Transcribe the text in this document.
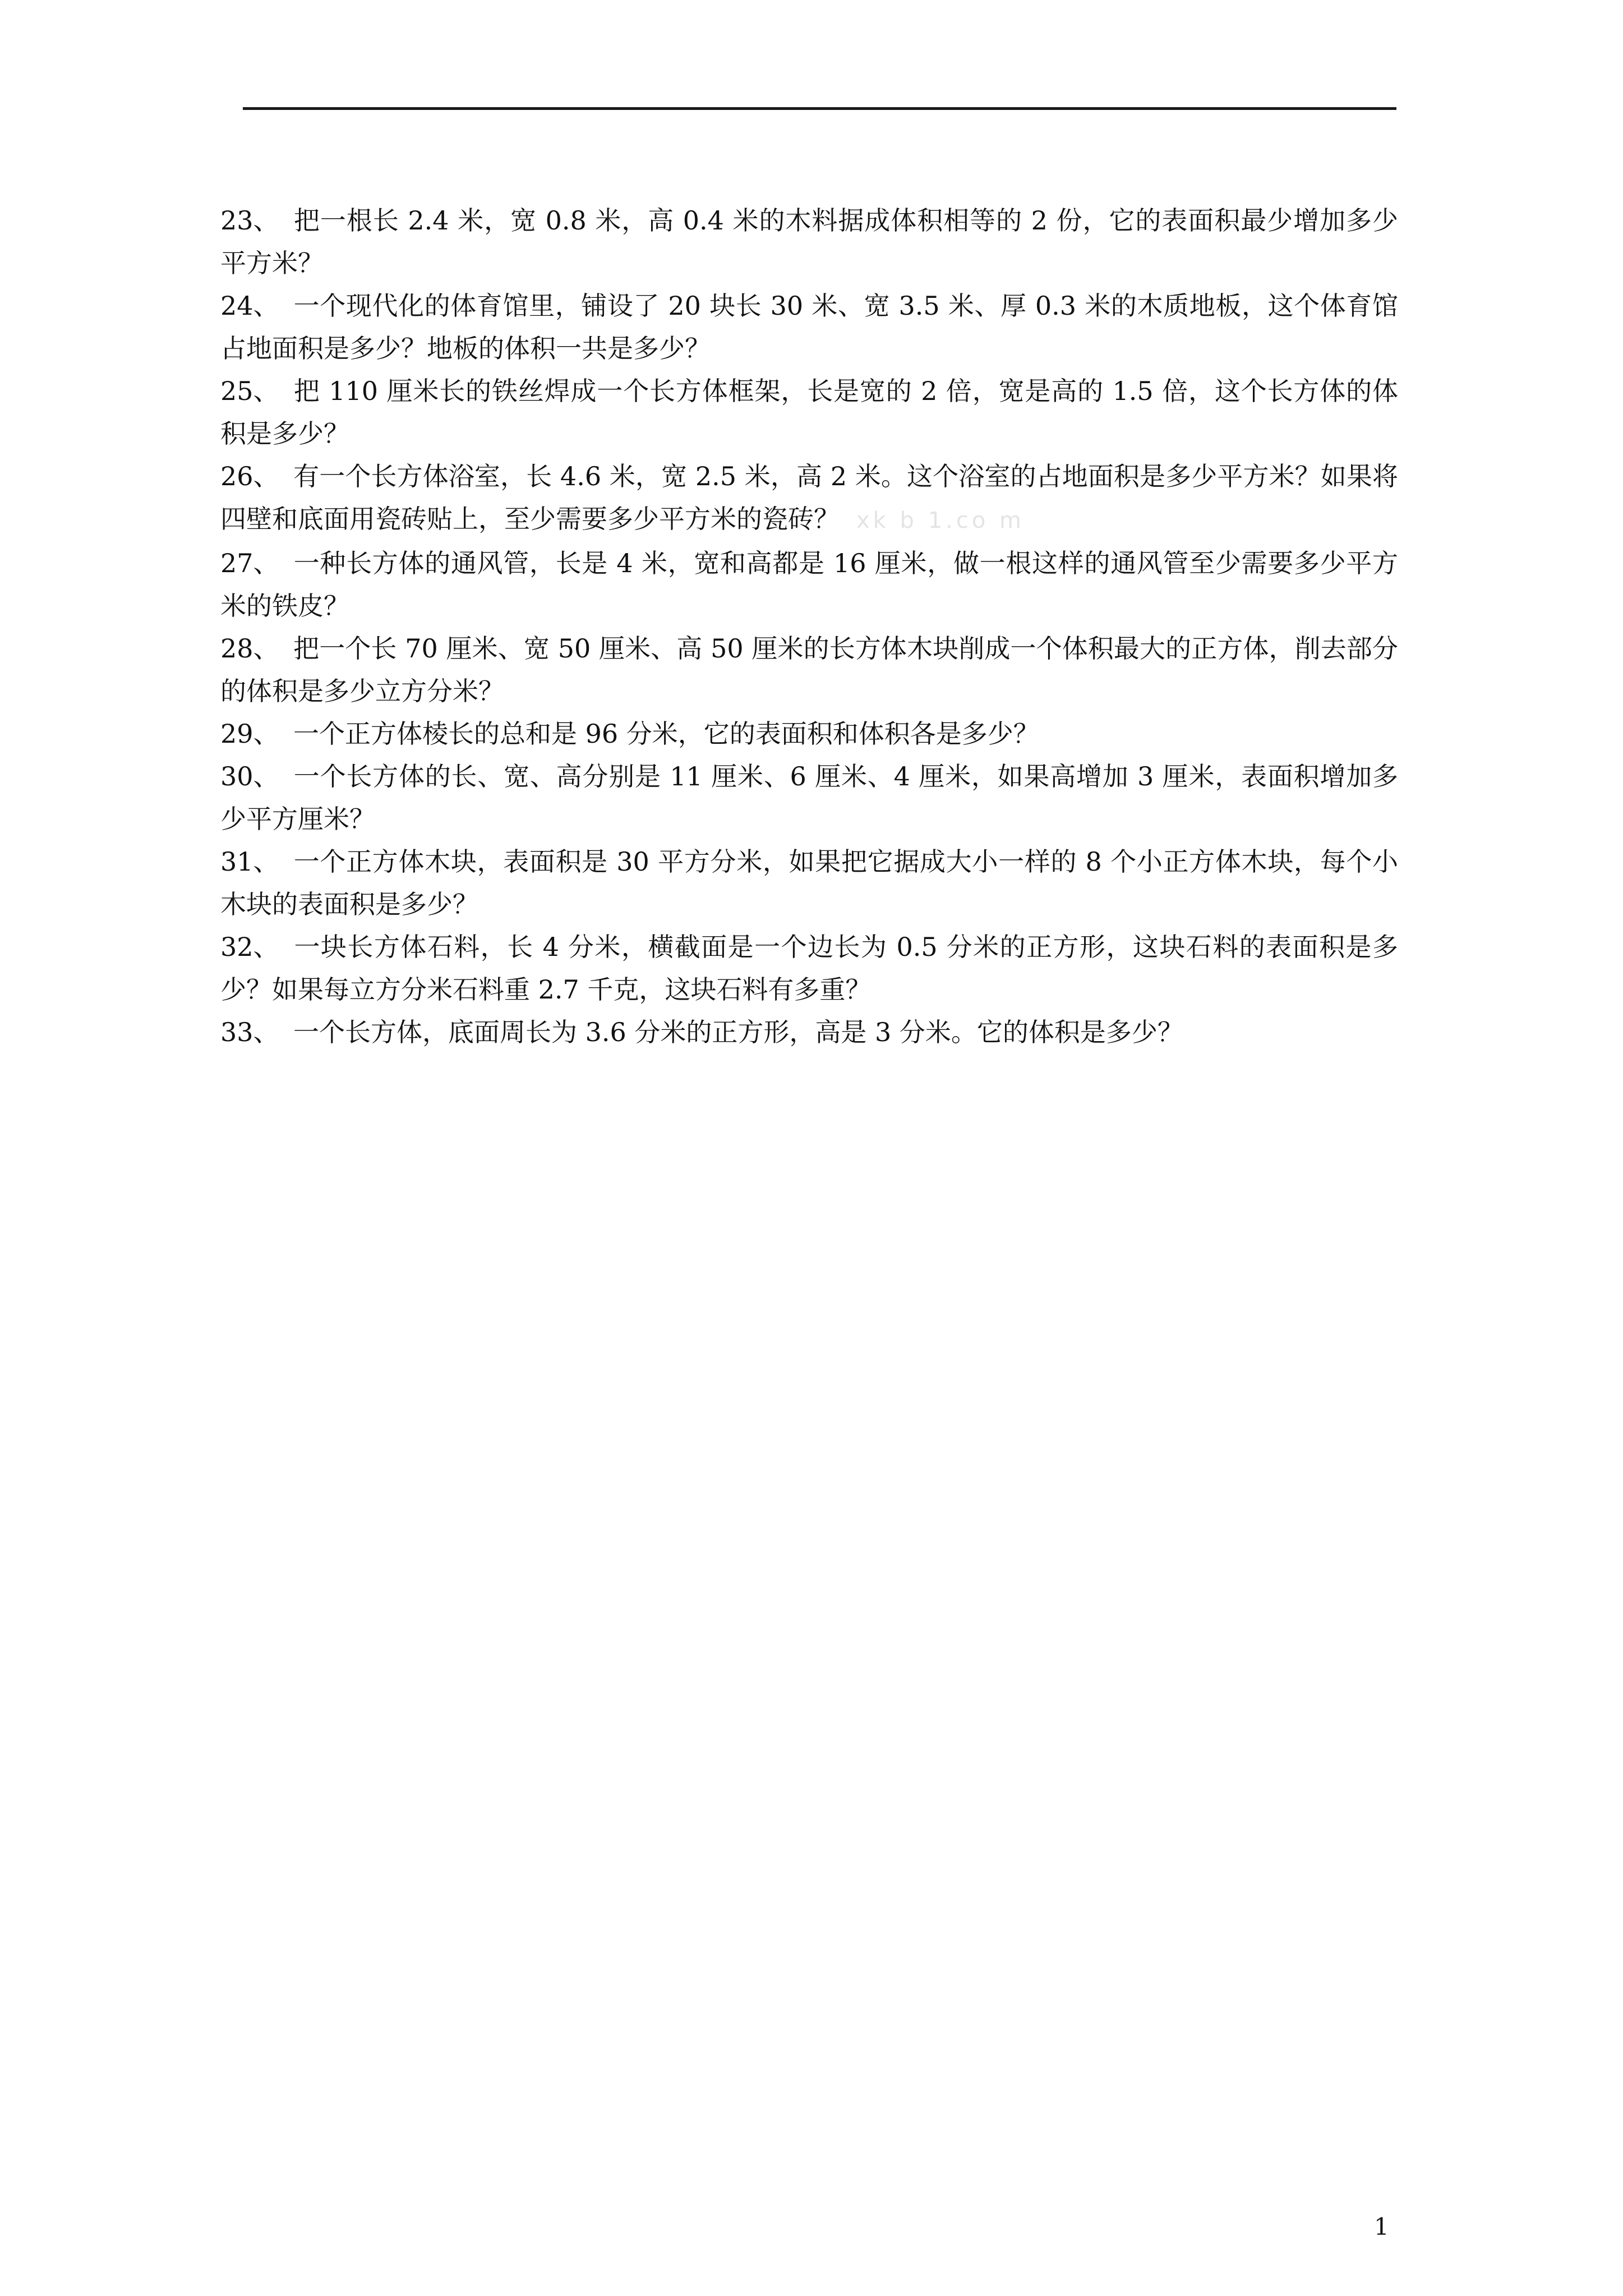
23、 把一根长 2.4 米，宽 0.8 米，高 0.4 米的木料据成体积相等的 2 份，它的表面积最少增加多少平方米？

24、 一个现代化的体育馆里，铺设了 20 块长 30 米、宽 3.5 米、厚 0.3 米的木质地板，这个体育馆占地面积是多少？地板的体积一共是多少？

25、 把 110 厘米长的铁丝焊成一个长方体框架，长是宽的 2 倍，宽是高的 1.5 倍，这个长方体的体积是多少？

26、 有一个长方体浴室，长 4.6 米，宽 2.5 米，高 2 米。这个浴室的占地面积是多少平方米？如果将四壁和底面用瓷砖贴上，至少需要多少平方米的瓷砖？ xk b 1.co m

27、 一种长方体的通风管，长是 4 米，宽和高都是 16 厘米，做一根这样的通风管至少需要多少平方米的铁皮？

28、 把一个长 70 厘米、宽 50 厘米、高 50 厘米的长方体木块削成一个体积最大的正方体，削去部分的体积是多少立方分米？

29、 一个正方体棱长的总和是 96 分米，它的表面积和体积各是多少？

30、 一个长方体的长、宽、高分别是 11 厘米、6 厘米、4 厘米，如果高增加 3 厘米，表面积增加多少平方厘米？

31、 一个正方体木块，表面积是 30 平方分米，如果把它据成大小一样的 8 个小正方体木块，每个小木块的表面积是多少？

32、 一块长方体石料，长 4 分米，横截面是一个边长为 0.5 分米的正方形，这块石料的表面积是多少？如果每立方分米石料重 2.7 千克，这块石料有多重？

33、 一个长方体，底面周长为 3.6 分米的正方形，高是 3 分米。它的体积是多少？

1
